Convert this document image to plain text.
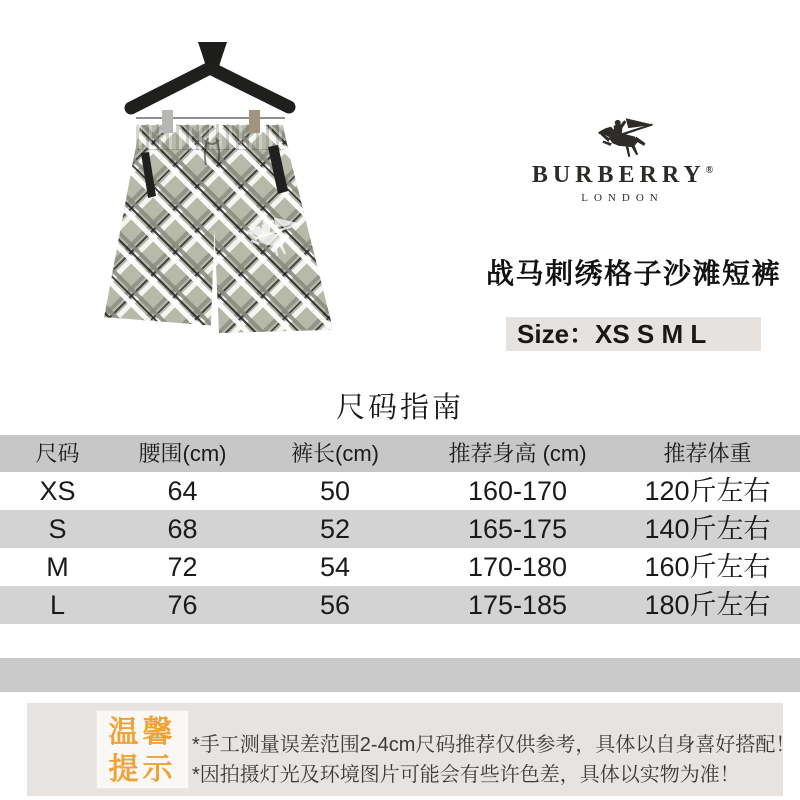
BURBERRY®
LONDON
战马刺绣格子沙滩短裤
Size：XS S M L
尺码指南
尺码	腰围(cm)	裤长(cm)	推荐身高 (cm)	推荐体重
XS	64	50	160-170	120斤左右
S	68	52	165-175	140斤左右
M	72	54	170-180	160斤左右
L	76	56	175-185	180斤左右
温馨
提示
*手工测量误差范围2-4cm尺码推荐仅供参考，具体以自身喜好搭配！
*因拍摄灯光及环境图片可能会有些许色差，具体以实物为准！
